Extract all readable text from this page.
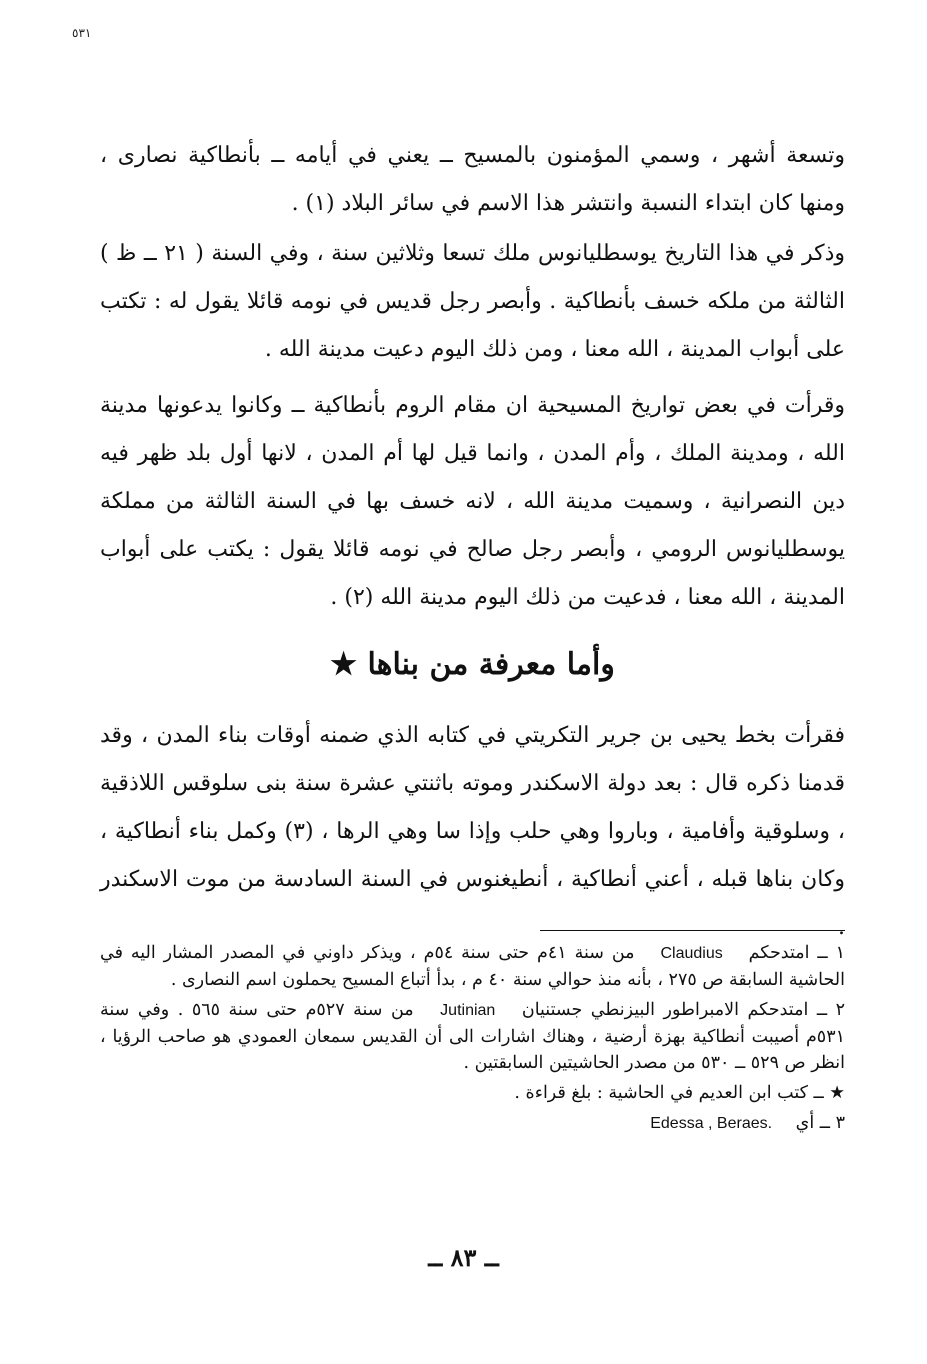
٥٣١

وتسعة أشهر ، وسمي المؤمنون بالمسيح ــ يعني في أيامه ــ بأنطاكية نصارى ، ومنها كان ابتداء النسبة وانتشر هذا الاسم في سائر البلاد (١) .

وذكر في هذا التاريخ يوسطليانوس ملك تسعا وثلاثين سنة ، وفي السنة ( ٢١ ــ ظ ) الثالثة من ملكه خسف بأنطاكية . وأبصر رجل قديس في نومه قائلا يقول له : تكتب على أبواب المدينة ، الله معنا ، ومن ذلك اليوم دعيت مدينة الله .

وقرأت في بعض تواريخ المسيحية ان مقام الروم بأنطاكية ــ وكانوا يدعونها مدينة الله ، ومدينة الملك ، وأم المدن ، وانما قيل لها أم المدن ، لانها أول بلد ظهر فيه دين النصرانية ، وسميت مدينة الله ، لانه خسف بها في السنة الثالثة من مملكة يوسطليانوس الرومي ، وأبصر رجل صالح في نومه قائلا يقول : يكتب على أبواب المدينة ، الله معنا ، فدعيت من ذلك اليوم مدينة الله (٢) .

وأما معرفة من بناها ★

فقرأت بخط يحيى بن جرير التكريتي في كتابه الذي ضمنه أوقات بناء المدن ، وقد قدمنا ذكره قال : بعد دولة الاسكندر وموته باثنتي عشرة سنة بنى سلوقس اللاذقية ، وسلوقية وأفامية ، وباروا وهي حلب وإذا سا وهي الرها ، (٣) وكمل بناء أنطاكية ، وكان بناها قبله ، أعني أنطاكية ، أنطيغنوس في السنة السادسة من موت الاسكندر .

١ ــ امتدحكم Claudius من سنة ٤١م حتى سنة ٥٤م ، ويذكر داوني في المصدر المشار اليه في الحاشية السابقة ص ٢٧٥ ، بأنه منذ حوالي سنة ٤٠ م ، بدأ أتباع المسيح يحملون اسم النصارى .

٢ ــ امتدحكم الامبراطور البيزنطي جستنيان Jutinian من سنة ٥٢٧م حتى سنة ٥٦٥ . وفي سنة ٥٣١م أصيبت أنطاكية بهزة أرضية ، وهناك اشارات الى أن القديس سمعان العمودي هو صاحب الرؤيا ، انظر ص ٥٢٩ ــ ٥٣٠ من مصدر الحاشيتين السابقتين .

★ ــ كتب ابن العديم في الحاشية : بلغ قراءة .

٣ ــ أي Edessa , Beraes.

ــ ٨٣ ــ
